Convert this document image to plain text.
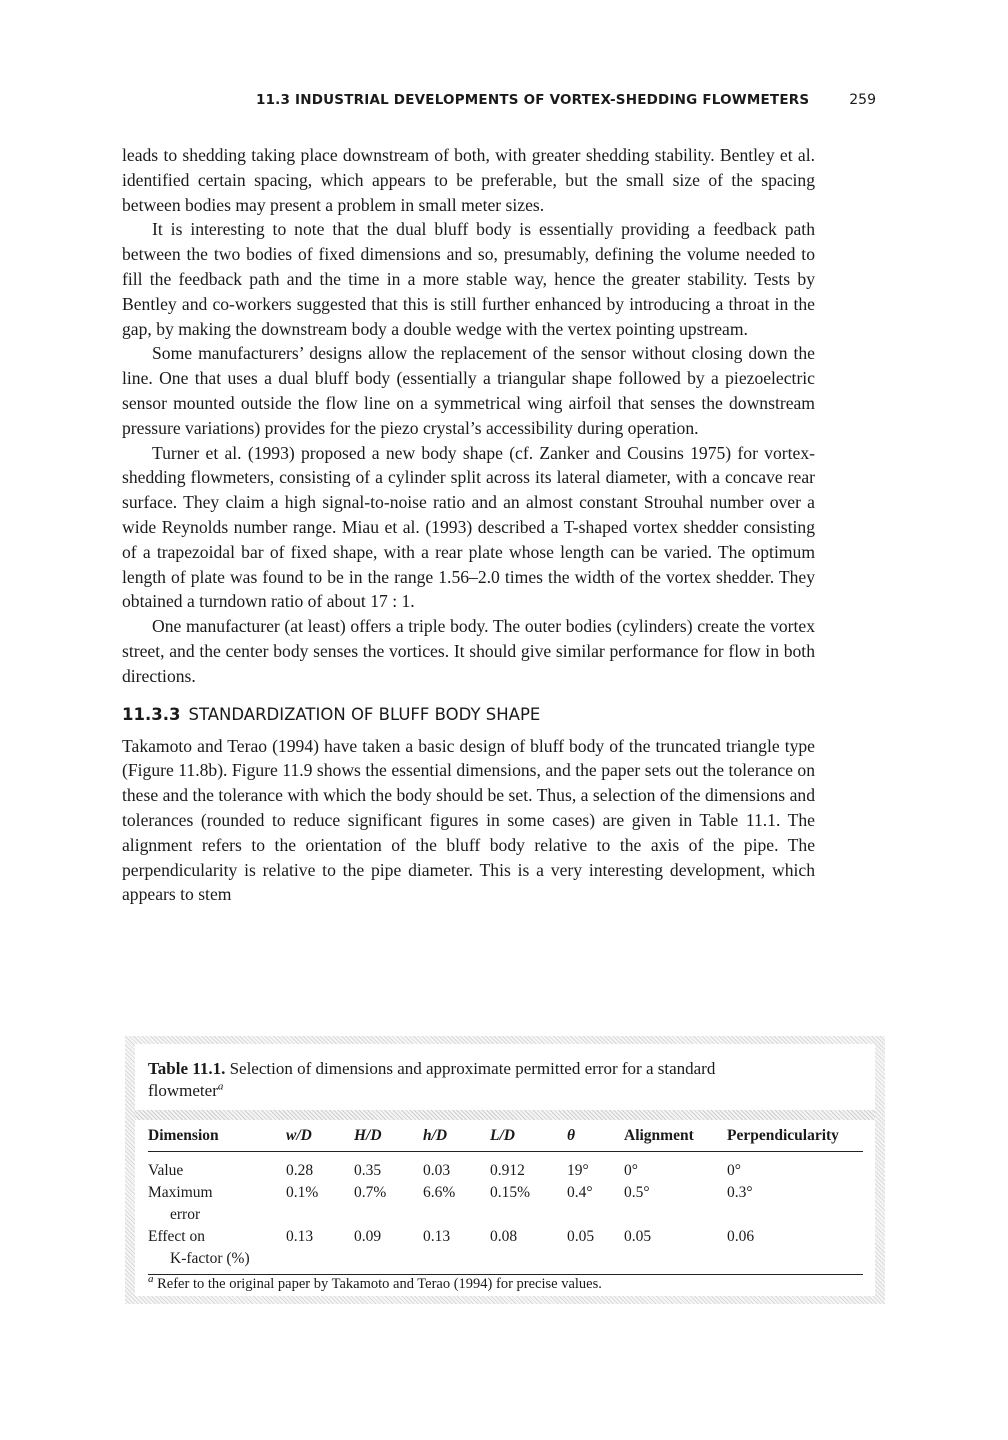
11.3 INDUSTRIAL DEVELOPMENTS OF VORTEX-SHEDDING FLOWMETERS	259

leads to shedding taking place downstream of both, with greater shedding stability. Bentley et al. identified certain spacing, which appears to be preferable, but the small size of the spacing between bodies may present a problem in small meter sizes.

It is interesting to note that the dual bluff body is essentially providing a feedback path between the two bodies of fixed dimensions and so, presumably, defining the volume needed to fill the feedback path and the time in a more stable way, hence the greater stability. Tests by Bentley and co-workers suggested that this is still further enhanced by introducing a throat in the gap, by making the downstream body a double wedge with the vertex pointing upstream.

Some manufacturers’ designs allow the replacement of the sensor without closing down the line. One that uses a dual bluff body (essentially a triangular shape followed by a piezoelectric sensor mounted outside the flow line on a symmetrical wing airfoil that senses the downstream pressure variations) provides for the piezo crystal’s accessibility during operation.

Turner et al. (1993) proposed a new body shape (cf. Zanker and Cousins 1975) for vortex-shedding flowmeters, consisting of a cylinder split across its lateral diameter, with a concave rear surface. They claim a high signal-to-noise ratio and an almost constant Strouhal number over a wide Reynolds number range. Miau et al. (1993) described a T-shaped vortex shedder consisting of a trapezoidal bar of fixed shape, with a rear plate whose length can be varied. The optimum length of plate was found to be in the range 1.56–2.0 times the width of the vortex shedder. They obtained a turndown ratio of about 17 : 1.

One manufacturer (at least) offers a triple body. The outer bodies (cylinders) create the vortex street, and the center body senses the vortices. It should give similar performance for flow in both directions.

11.3.3 STANDARDIZATION OF BLUFF BODY SHAPE

Takamoto and Terao (1994) have taken a basic design of bluff body of the truncated triangle type (Figure 11.8b). Figure 11.9 shows the essential dimensions, and the paper sets out the tolerance on these and the tolerance with which the body should be set. Thus, a selection of the dimensions and tolerances (rounded to reduce significant figures in some cases) are given in Table 11.1. The alignment refers to the orientation of the bluff body relative to the axis of the pipe. The perpendicularity is relative to the pipe diameter. This is a very interesting development, which appears to stem

Table 11.1. Selection of dimensions and approximate permitted error for a standard flowmeter$^a$
Dimension	w/D	H/D	h/D	L/D	θ	Alignment	Perpendicularity
Value	0.28	0.35	0.03	0.912	19°	0°	0°
Maximum
error	0.1%	0.7%	6.6%	0.15%	0.4°	0.5°	0.3°
Effect on
K-factor (%)	0.13	0.09	0.13	0.08	0.05	0.05	0.06
$^a$ Refer to the original paper by Takamoto and Terao (1994) for precise values.
